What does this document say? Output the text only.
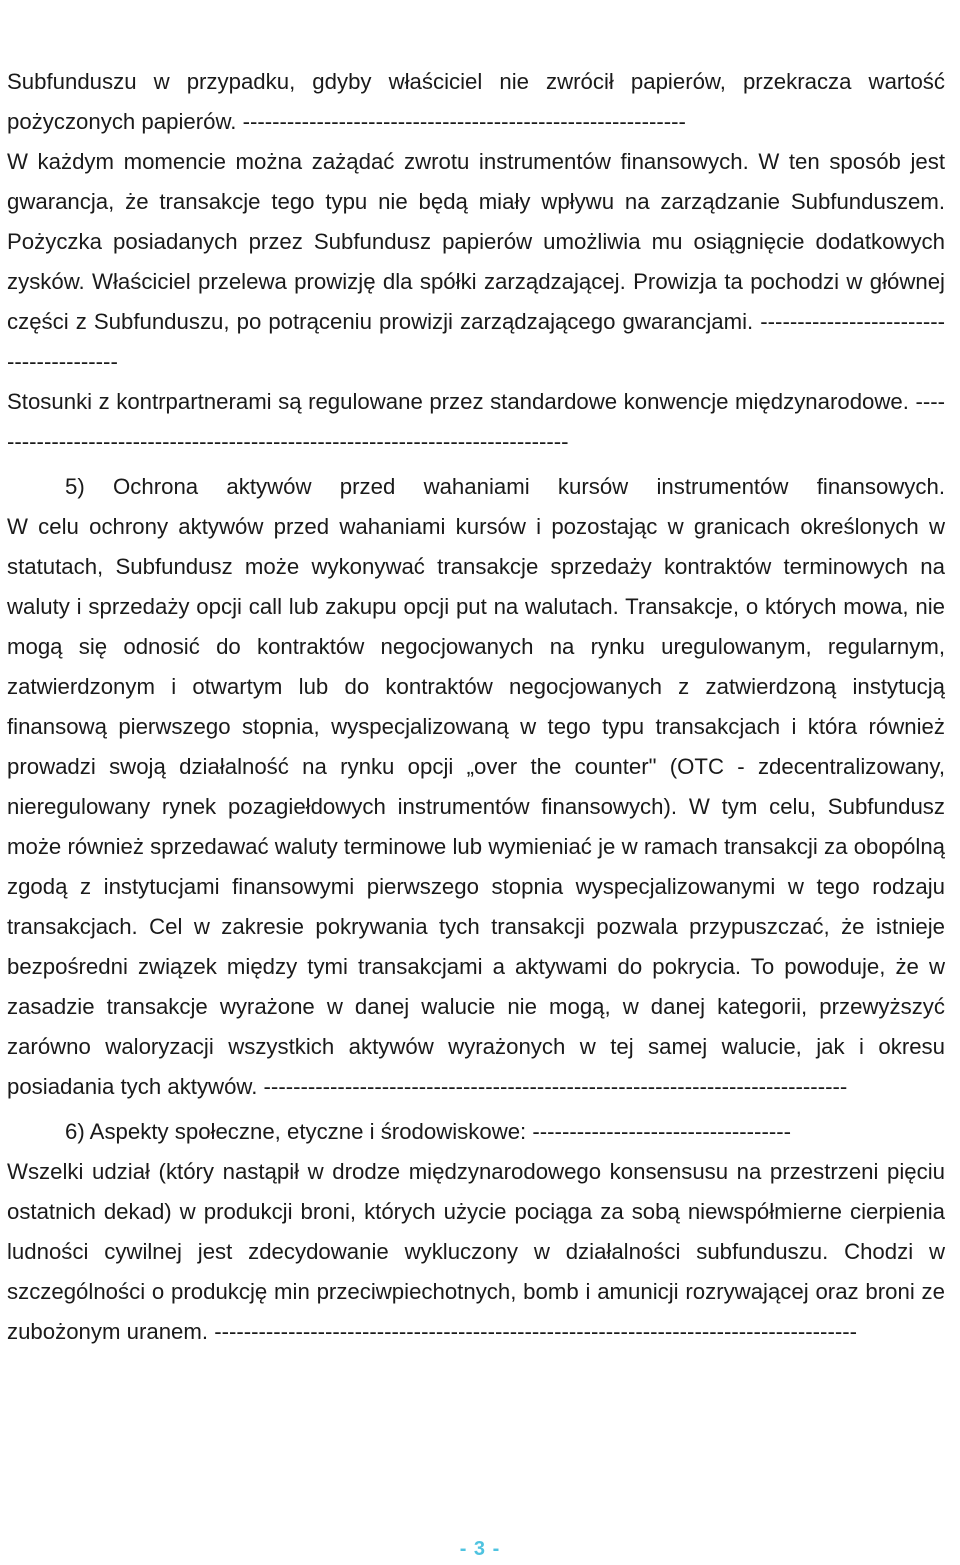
Subfunduszu w przypadku, gdyby właściciel nie zwrócił papierów, przekracza wartość pożyczonych papierów. ------------------------------------------------------------

W każdym momencie można zażądać zwrotu instrumentów finansowych. W ten sposób jest gwarancja, że transakcje tego typu nie będą miały wpływu na zarządzanie Subfunduszem. Pożyczka posiadanych przez Subfundusz papierów umożliwia mu osiągnięcie dodatkowych zysków. Właściciel przelewa prowizję dla spółki zarządzającej. Prowizja ta pochodzi w głównej części z Subfunduszu, po potrąceniu prowizji zarządzającego gwarancjami. ----------------------------------------

Stosunki z kontrpartnerami są regulowane przez standardowe konwencje międzynarodowe. --------------------------------------------------------------------------------

5) Ochrona aktywów przed wahaniami kursów instrumentów finansowych.

W celu ochrony aktywów przed wahaniami kursów i pozostając w granicach określonych w statutach, Subfundusz może wykonywać transakcje sprzedaży kontraktów terminowych na waluty i sprzedaży opcji call lub zakupu opcji put na walutach. Transakcje, o których mowa, nie mogą się odnosić do kontraktów negocjowanych na rynku uregulowanym, regularnym, zatwierdzonym i otwartym lub do kontraktów negocjowanych z zatwierdzoną instytucją finansową pierwszego stopnia, wyspecjalizowaną w tego typu transakcjach i która również prowadzi swoją działalność na rynku opcji „over the counter" (OTC - zdecentralizowany, nieregulowany rynek pozagiełdowych instrumentów finansowych). W tym celu, Subfundusz może również sprzedawać waluty terminowe lub wymieniać je w ramach transakcji za obopólną zgodą z instytucjami finansowymi pierwszego stopnia wyspecjalizowanymi w tego rodzaju transakcjach. Cel w zakresie pokrywania tych transakcji pozwala przypuszczać, że istnieje bezpośredni związek między tymi transakcjami a aktywami do pokrycia. To powoduje, że w zasadzie transakcje wyrażone w danej walucie nie mogą, w danej kategorii, przewyższyć zarówno waloryzacji wszystkich aktywów wyrażonych w tej samej walucie, jak i okresu posiadania tych aktywów. -------------------------------------------------------------------------------

6) Aspekty społeczne, etyczne i środowiskowe: -----------------------------------

Wszelki udział (który nastąpił w drodze międzynarodowego konsensusu na przestrzeni pięciu ostatnich dekad) w produkcji broni, których użycie pociąga za sobą niewspółmierne cierpienia ludności cywilnej jest zdecydowanie wykluczony w działalności subfunduszu. Chodzi w szczególności o produkcję min przeciwpiechotnych, bomb i amunicji rozrywającej oraz broni ze zubożonym uranem. ---------------------------------------------------------------------------------------

- 3 -
